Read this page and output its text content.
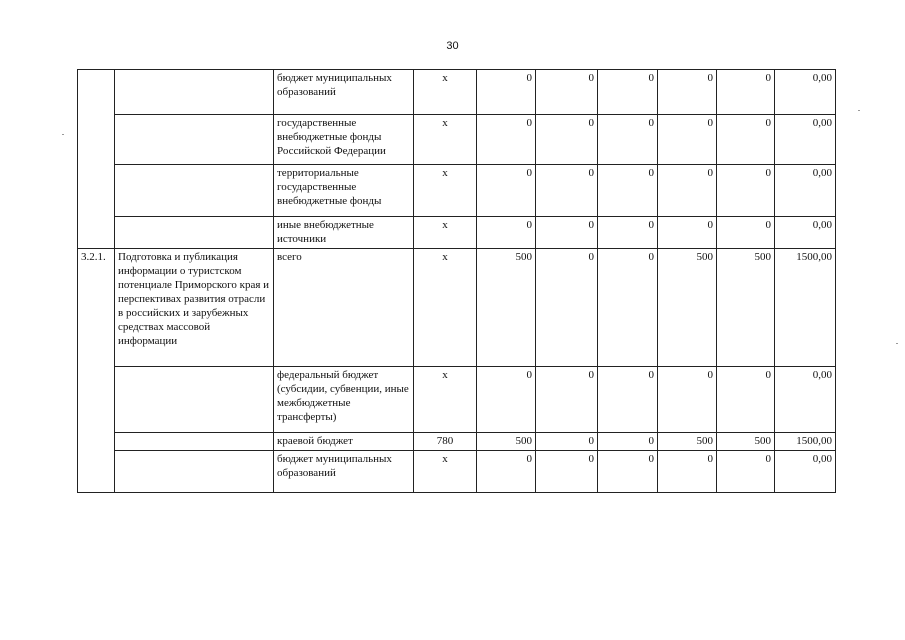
30
		бюджет муниципальных образований	х	0	0	0	0	0	0,00
		государственные внебюджетные фонды Российской Федерации	х	0	0	0	0	0	0,00
		территориальные государственные внебюджетные фонды	х	0	0	0	0	0	0,00
		иные внебюджетные источники	х	0	0	0	0	0	0,00
3.2.1.	Подготовка и публикация информации о туристском потенциале Приморского края и перспективах развития отрасли в российских и зарубежных средствах массовой информации	всего	х	500	0	0	500	500	1500,00
		федеральный бюджет (субсидии, субвенции, иные межбюджетные трансферты)	х	0	0	0	0	0	0,00
		краевой бюджет	780	500	0	0	500	500	1500,00
		бюджет муниципальных образований	х	0	0	0	0	0	0,00
